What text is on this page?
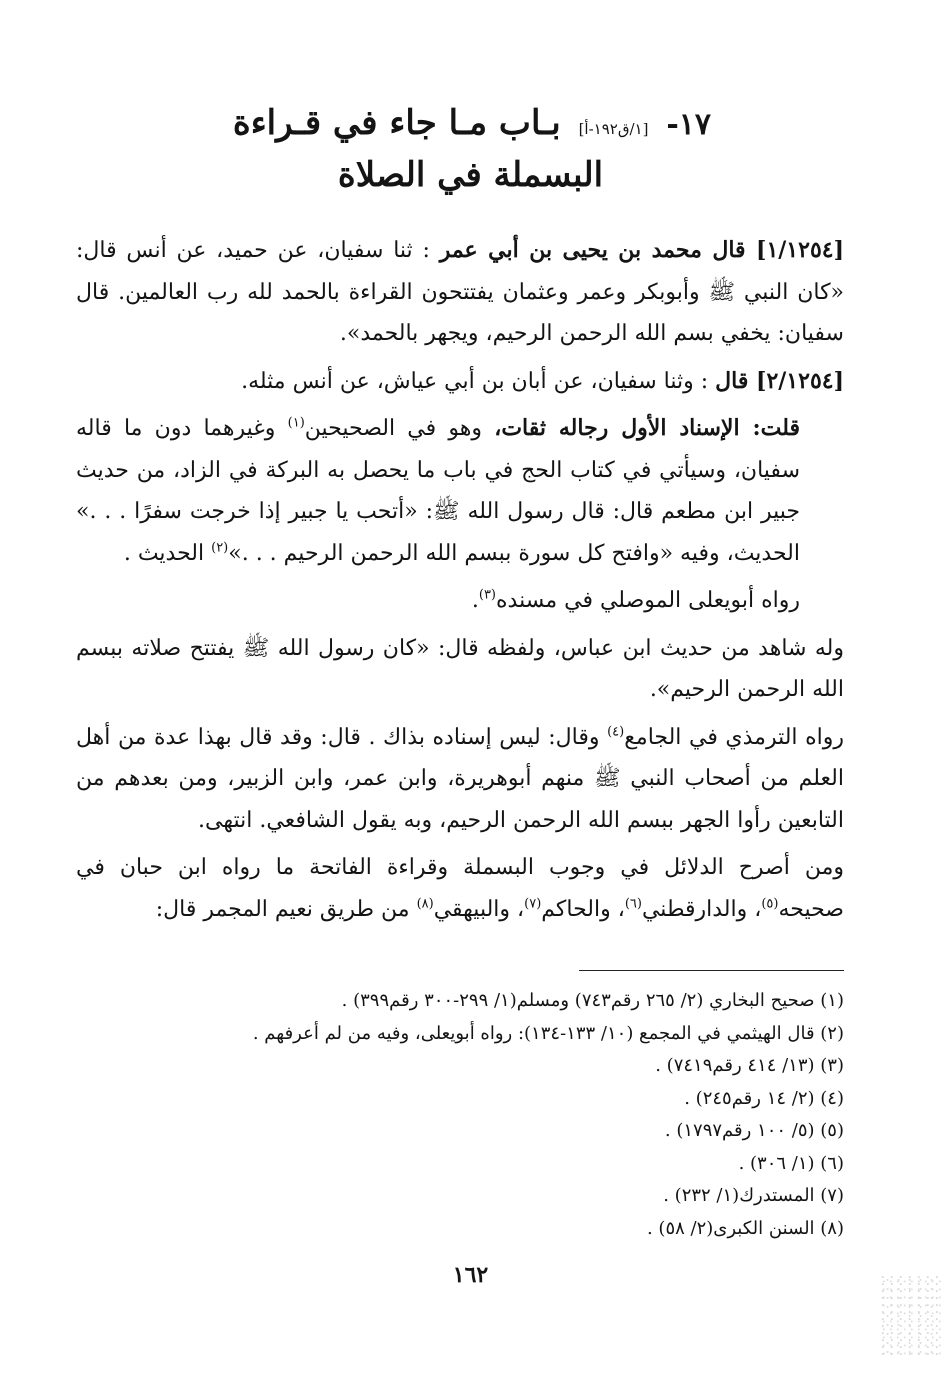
١٧- [١/ق١٩٢-أ] بـاب مـا جاء في قـراءة
البسملة في الصلاة

[١/١٢٥٤] قال محمد بن يحيى بن أبي عمر : ثنا سفيان، عن حميد، عن أنس قال: «كان النبي ﷺ وأبوبكر وعمر وعثمان يفتتحون القراءة بالحمد لله رب العالمين. قال سفيان: يخفي بسم الله الرحمن الرحيم، ويجهر بالحمد».

[٢/١٢٥٤] قال : وثنا سفيان، عن أبان بن أبي عياش، عن أنس مثله.

قلت: الإسناد الأول رجاله ثقات، وهو في الصحيحين$^{(١)}$ وغيرهما دون ما قاله سفيان، وسيأتي في كتاب الحج في باب ما يحصل به البركة في الزاد، من حديث جبير ابن مطعم قال: قال رسول الله ﷺ: «أتحب يا جبير إذا خرجت سفرًا . . .» الحديث، وفيه «وافتح كل سورة ببسم الله الرحمن الرحيم . . .»$^{(٢)}$ الحديث .

رواه أبويعلى الموصلي في مسنده$^{(٣)}$.

وله شاهد من حديث ابن عباس، ولفظه قال: «كان رسول الله ﷺ يفتتح صلاته ببسم الله الرحمن الرحيم».

رواه الترمذي في الجامع$^{(٤)}$ وقال: ليس إسناده بذاك . قال: وقد قال بهذا عدة من أهل العلم من أصحاب النبي ﷺ منهم أبوهريرة، وابن عمر، وابن الزبير، ومن بعدهم من التابعين رأوا الجهر ببسم الله الرحمن الرحيم، وبه يقول الشافعي. انتهى.

ومن أصرح الدلائل في وجوب البسملة وقراءة الفاتحة ما رواه ابن حبان في صحيحه$^{(٥)}$، والدارقطني$^{(٦)}$، والحاكم$^{(٧)}$، والبيهقي$^{(٨)}$ من طريق نعيم المجمر قال:

(١) صحيح البخاري (٢/ ٢٦٥ رقم٧٤٣) ومسلم(١/ ٢٩٩-٣٠٠ رقم٣٩٩) .
(٢) قال الهيثمي في المجمع (١٠/ ١٣٣-١٣٤): رواه أبويعلى، وفيه من لم أعرفهم .
(٣) (١٣/ ٤١٤ رقم٧٤١٩) .
(٤) (٢/ ١٤ رقم٢٤٥) .
(٥) (٥/ ١٠٠ رقم١٧٩٧) .
(٦) (١/ ٣٠٦) .
(٧) المستدرك(١/ ٢٣٢) .
(٨) السنن الكبرى(٢/ ٥٨) .
١٦٢
